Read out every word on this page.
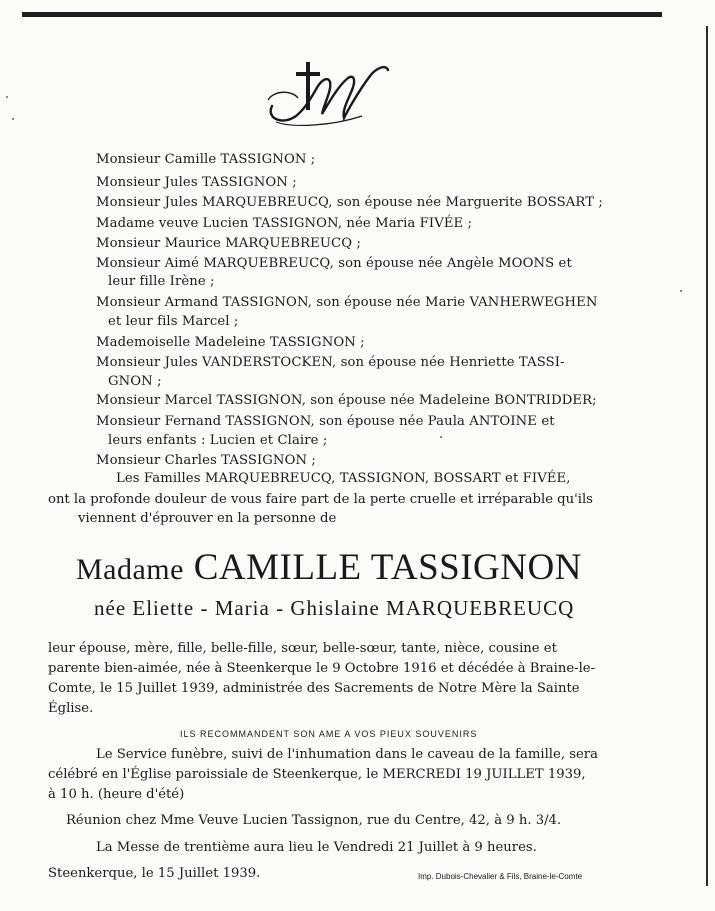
Monsieur Camille TASSIGNON ;
Monsieur Jules TASSIGNON ;
Monsieur Jules MARQUEBREUCQ, son épouse née Marguerite BOSSART ;
Madame veuve Lucien TASSIGNON, née Maria FIVÉE ;
Monsieur Maurice MARQUEBREUCQ ;
Monsieur Aimé MARQUEBREUCQ, son épouse née Angèle MOONS et
leur fille Irène ;
Monsieur Armand TASSIGNON, son épouse née Marie VANHERWEGHEN
et leur fils Marcel ;
Mademoiselle Madeleine TASSIGNON ;
Monsieur Jules VANDERSTOCKEN, son épouse née Henriette TASSI-
GNON ;
Monsieur Marcel TASSIGNON, son épouse née Madeleine BONTRIDDER;
Monsieur Fernand TASSIGNON, son épouse née Paula ANTOINE et
leurs enfants : Lucien et Claire ;
Monsieur Charles TASSIGNON ;
Les Familles MARQUEBREUCQ, TASSIGNON, BOSSART et FIVÉE,
ont la profonde douleur de vous faire part de la perte cruelle et irréparable qu'ils
viennent d'éprouver en la personne de
Madame CAMILLE TASSIGNON
née Eliette - Maria - Ghislaine MARQUEBREUCQ
leur épouse, mère, fille, belle-fille, sœur, belle-sœur, tante, nièce, cousine et
parente bien-aimée, née à Steenkerque le 9 Octobre 1916 et décédée à Braine-le-
Comte, le 15 Juillet 1939, administrée des Sacrements de Notre Mère la Sainte
Église.
ILS RECOMMANDENT SON AME A VOS PIEUX SOUVENIRS
Le Service funèbre, suivi de l'inhumation dans le caveau de la famille, sera
célébré en l'Église paroissiale de Steenkerque, le MERCREDI 19 JUILLET 1939,
à 10 h. (heure d'été)
Réunion chez Mme Veuve Lucien Tassignon, rue du Centre, 42, à 9 h. 3/4.
La Messe de trentième aura lieu le Vendredi 21 Juillet à 9 heures.
Steenkerque, le 15 Juillet 1939.	Imp. Dubois-Chevalier & Fils, Braine-le-Comte
